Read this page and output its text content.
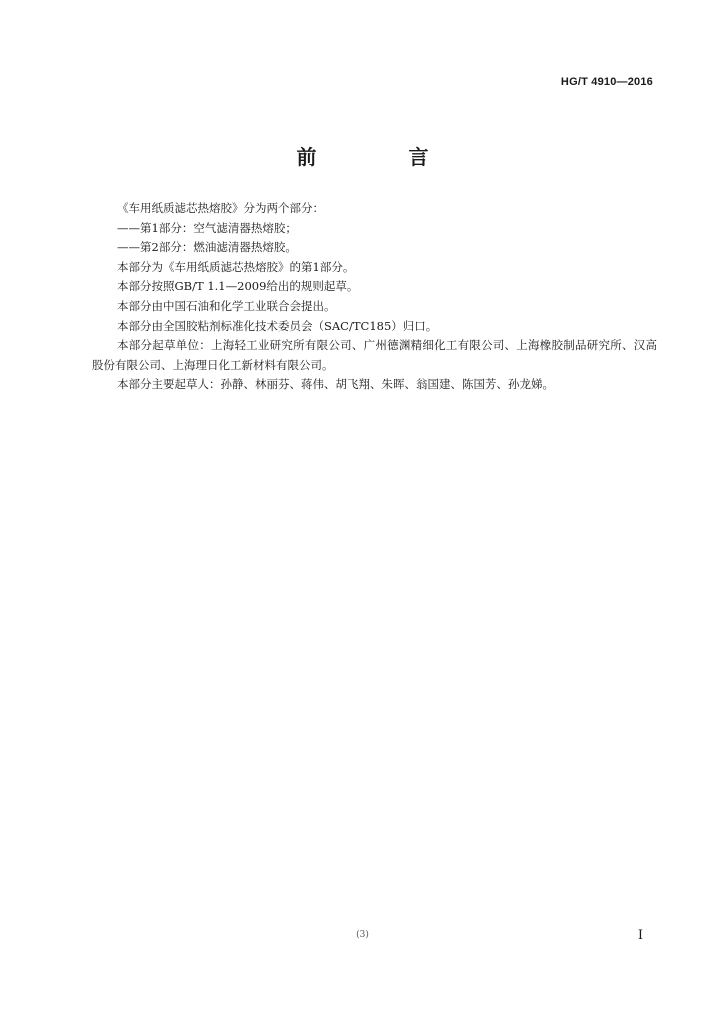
HG/T 4910—2016
前　言

《车用纸质滤芯热熔胶》分为两个部分：

——第1部分：空气滤清器热熔胶；

——第2部分：燃油滤清器热熔胶。

本部分为《车用纸质滤芯热熔胶》的第1部分。

本部分按照GB/T 1.1—2009给出的规则起草。

本部分由中国石油和化学工业联合会提出。

本部分由全国胶粘剂标准化技术委员会（SAC/TC185）归口。

本部分起草单位：上海轻工业研究所有限公司、广州德渊精细化工有限公司、上海橡胶制品研究所、汉高股份有限公司、上海理日化工新材料有限公司。

本部分主要起草人：孙静、林丽芬、蒋伟、胡飞翔、朱晖、翁国建、陈国芳、孙龙娣。

(3)	I
